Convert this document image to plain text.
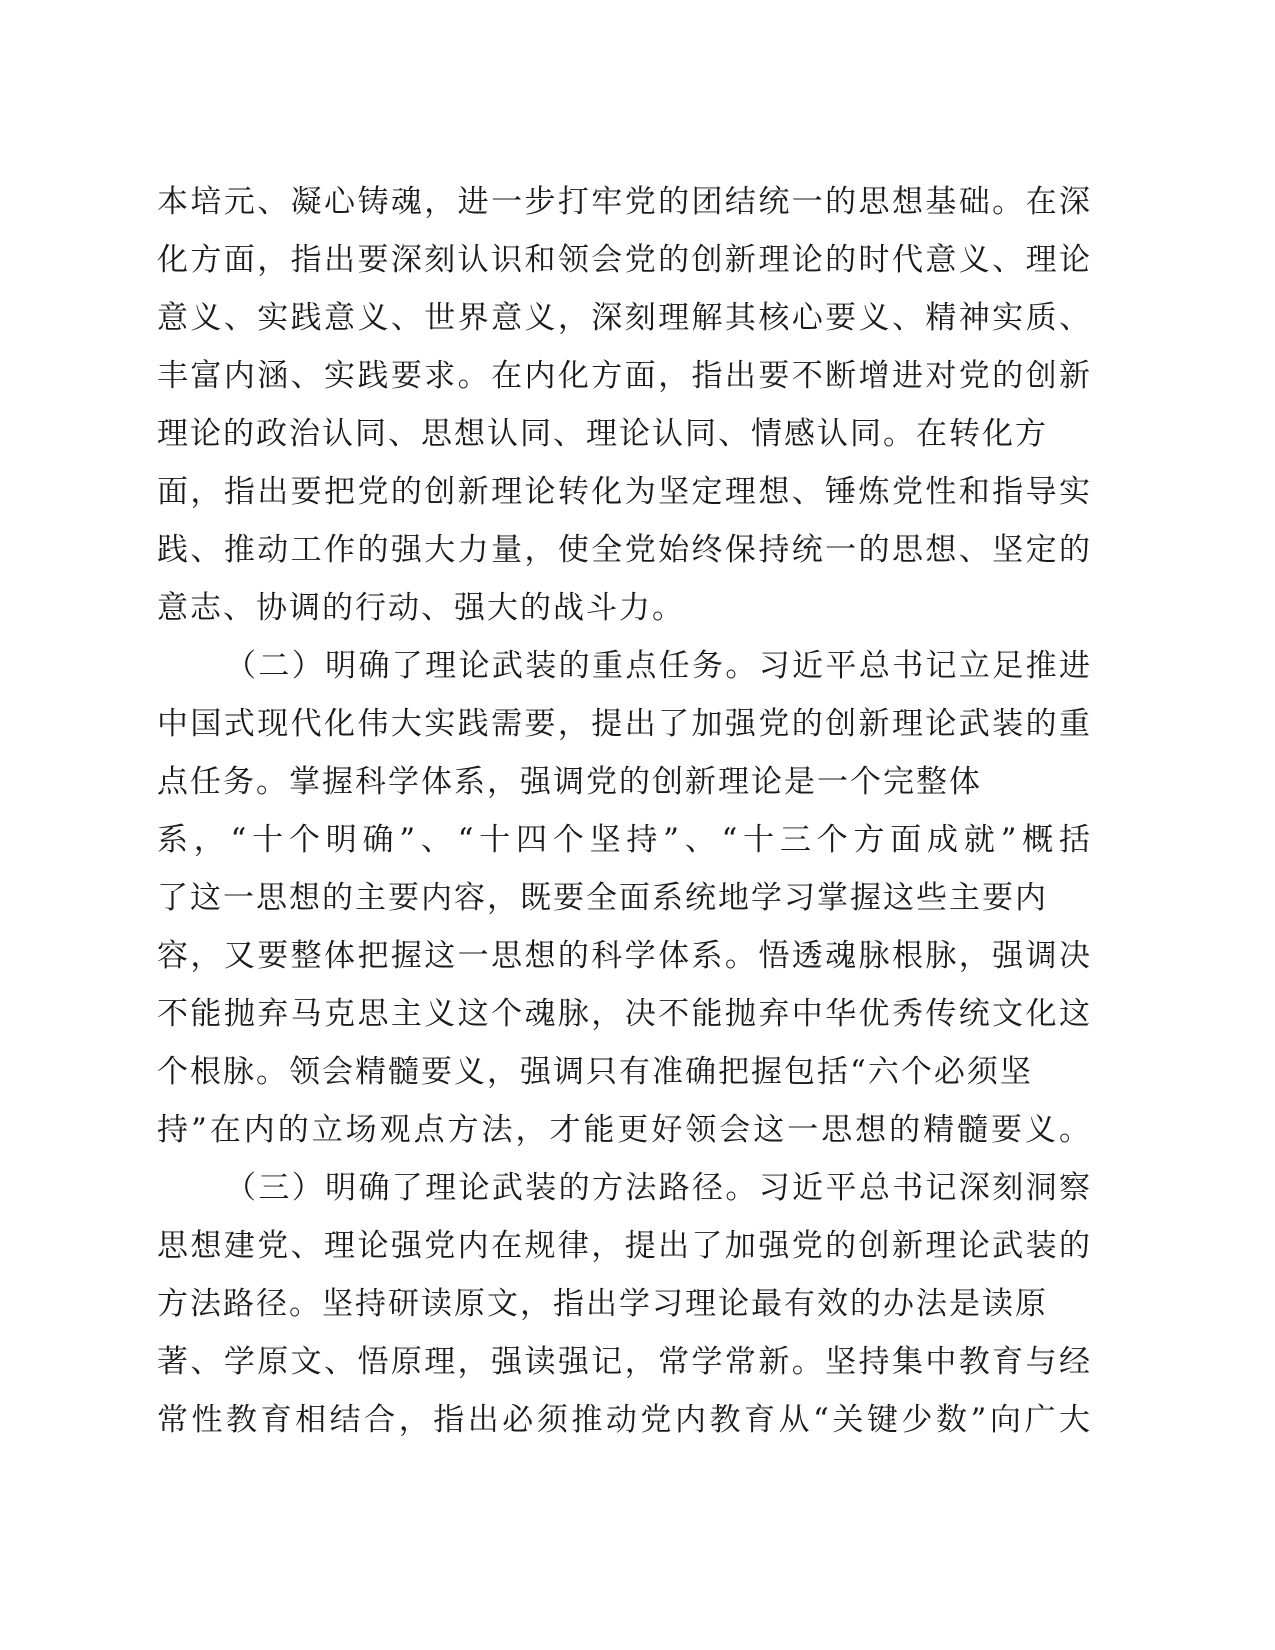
本培元、凝心铸魂，进一步打牢党的团结统一的思想基础。在深
化方面，指出要深刻认识和领会党的创新理论的时代意义、理论
意义、实践意义、世界意义，深刻理解其核心要义、精神实质、
丰富内涵、实践要求。在内化方面，指出要不断增进对党的创新
理论的政治认同、思想认同、理论认同、情感认同。在转化方
面，指出要把党的创新理论转化为坚定理想、锤炼党性和指导实
践、推动工作的强大力量，使全党始终保持统一的思想、坚定的
意志、协调的行动、强大的战斗力。
（二）明确了理论武装的重点任务。习近平总书记立足推进
中国式现代化伟大实践需要，提出了加强党的创新理论武装的重
点任务。掌握科学体系，强调党的创新理论是一个完整体
系，“十个明确”、“十四个坚持”、“十三个方面成就”概括
了这一思想的主要内容，既要全面系统地学习掌握这些主要内
容，又要整体把握这一思想的科学体系。悟透魂脉根脉，强调决
不能抛弃马克思主义这个魂脉，决不能抛弃中华优秀传统文化这
个根脉。领会精髓要义，强调只有准确把握包括“六个必须坚
持”在内的立场观点方法，才能更好领会这一思想的精髓要义。
（三）明确了理论武装的方法路径。习近平总书记深刻洞察
思想建党、理论强党内在规律，提出了加强党的创新理论武装的
方法路径。坚持研读原文，指出学习理论最有效的办法是读原
著、学原文、悟原理，强读强记，常学常新。坚持集中教育与经
常性教育相结合，指出必须推动党内教育从“关键少数”向广大
